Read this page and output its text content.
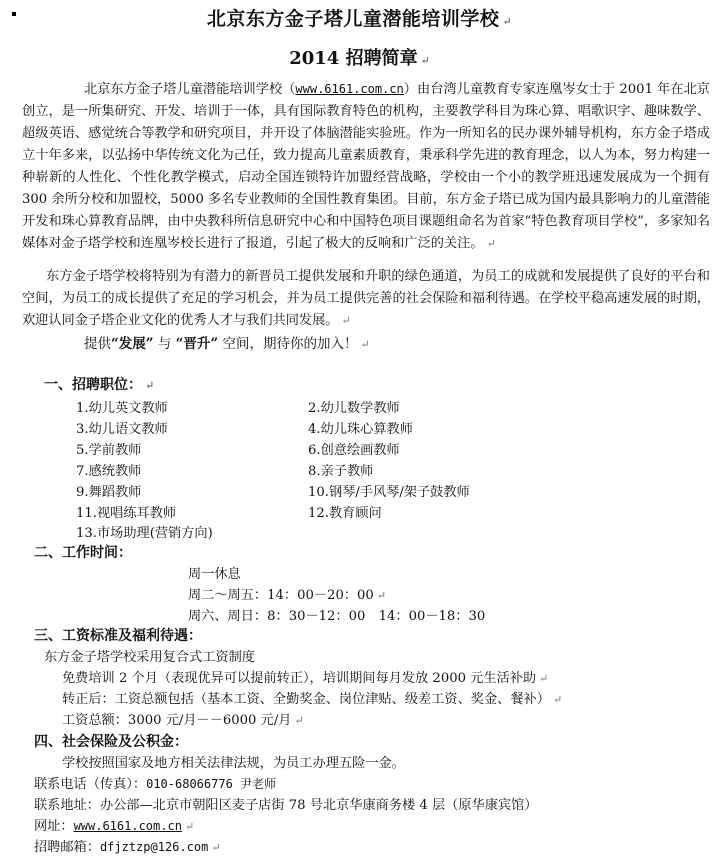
北京东方金子塔儿童潜能培训学校 ↵
2014 招聘简章 ↵
北京东方金子塔儿童潜能培训学校（www.6161.com.cn）由台湾儿童教育专家连凰岑女士于 2001 年在北京创立，是一所集研究、开发、培训于一体，具有国际教育特色的机构，主要教学科目为珠心算、唱歌识字、趣味数学、超级英语、感觉统合等教学和研究项目，并开设了体脑潜能实验班。作为一所知名的民办课外辅导机构，东方金子塔成立十年多来，以弘扬中华传统文化为己任，致力提高儿童素质教育，秉承科学先进的教育理念，以人为本，努力构建一种崭新的人性化、个性化教学模式，启动全国连锁特许加盟经营战略，学校由一个小的教学班迅速发展成为一个拥有 300 余所分校和加盟校，5000 多名专业教师的全国性教育集团。目前，东方金子塔已成为国内最具影响力的儿童潜能开发和珠心算教育品牌，由中央教科所信息研究中心和中国特色项目课题组命名为首家“特色教育项目学校”，多家知名媒体对金子塔学校和连凰岑校长进行了报道，引起了极大的反响和广泛的关注。 ↵
东方金子塔学校将特别为有潜力的新晋员工提供发展和升职的绿色通道，为员工的成就和发展提供了良好的平台和空间，为员工的成长提供了充足的学习机会，并为员工提供完善的社会保险和福利待遇。在学校平稳高速发展的时期，欢迎认同金子塔企业文化的优秀人才与我们共同发展。 ↵
提供“发展” 与 “晋升” 空间，期待你的加入！ ↵
一、招聘职位： ↵
1.幼儿英文教师	2.幼儿数学教师
3.幼儿语文教师	4.幼儿珠心算教师
5.学前教师	6.创意绘画教师
7.感统教师	8.亲子教师
9.舞蹈教师	10.钢琴/手风琴/架子鼓教师
11.视唱练耳教师	12.教育顾问
13.市场助理(营销方向)
二、工作时间：
周一休息
周二～周五：14：00－20：00 ↵
周六、周日：8：30－12：00　14：00－18：30
三、工资标准及福利待遇：
东方金子塔学校采用复合式工资制度
免费培训 2 个月（表现优异可以提前转正），培训期间每月发放 2000 元生活补助 ↵
转正后：工资总额包括（基本工资、全勤奖金、岗位津贴、级差工资、奖金、餐补） ↵
工资总额：3000 元/月－－6000 元/月 ↵
四、社会保险及公积金：
学校按照国家及地方相关法律法规，为员工办理五险一金。
联系电话（传真）：010-68066776 尹老师
联系地址：办公部—北京市朝阳区麦子店街 78 号北京华康商务楼 4 层（原华康宾馆）
网址：www.6161.com.cn ↵
招聘邮箱：dfjztzp@126.com ↵
